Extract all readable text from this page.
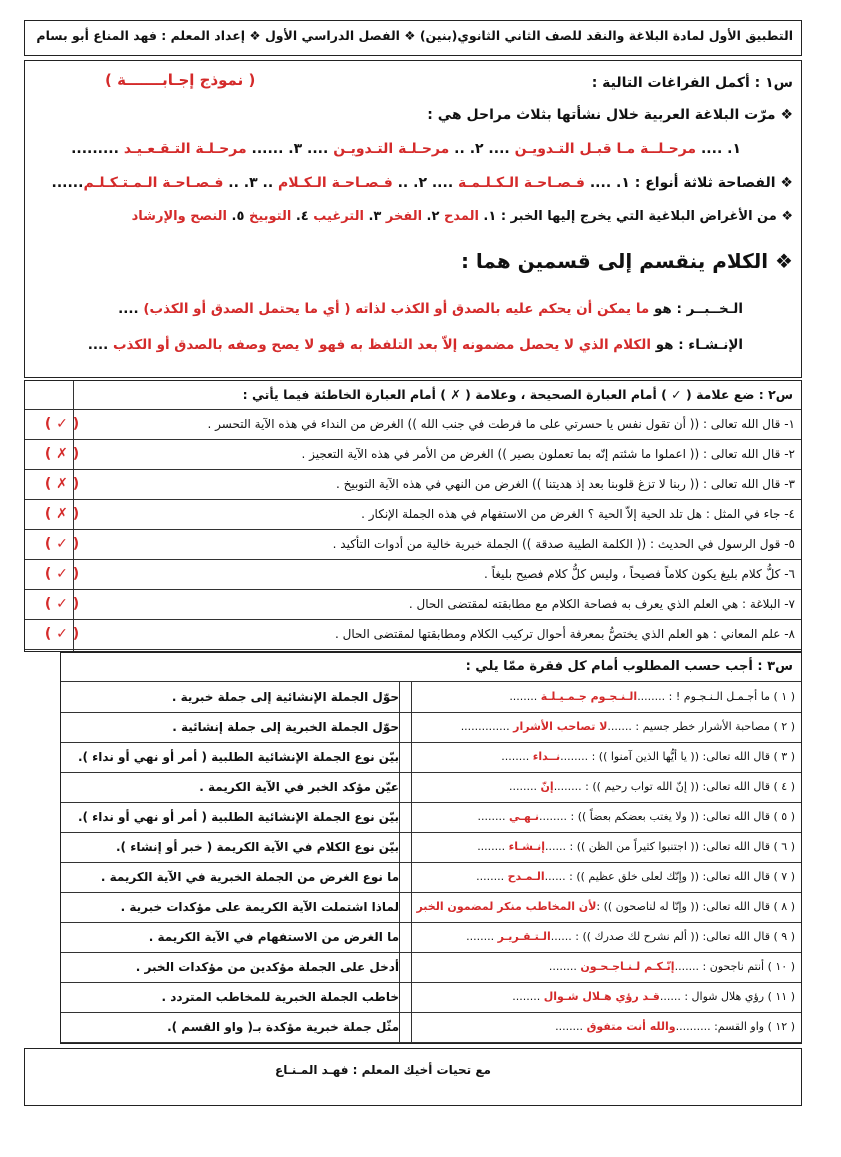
التطبيق الأول لمادة البلاغة والنقد للصف الثاني الثانوي(بنين) ❖ الفصل الدراسي الأول ❖ إعداد المعلم : فهد المناع أبو بسام
س١ : أكمل الفراغات التالية :
( نموذج إجـابـــــــة )
❖ مرّت البلاغة العربية خلال نشأتها بثلاث مراحل هي :
١. .... مرحـلــة مـا قبـل التـدويـن .... ٢. .. مرحـلـة التـدويـن .... ٣. ...... مرحـلـة التـقـعـيـد .........
❖ الفصاحة ثلاثة أنواع : ١. .... فـصـاحـة الـكـلـمـة .... ٢. .. فـصـاحـة الـكـلام .. ٣. .. فـصـاحـة الـمـتـكـلـم......
❖ من الأغراض البلاغية التي يخرج إليها الخبر : ١. المدح ٢. الفخر ٣. الترغيب ٤. التوبيخ ٥. النصح والإرشاد
❖ الكلام ينقسم إلى قسمين هما :
الـخــبــر : هو ما يمكن أن يحكم عليه بالصدق أو الكذب لذاته ( أي ما يحتمل الصدق أو الكذب) ....
الإنـشـاء : هو الكلام الذي لا يحصل مضمونه إلاّ بعد التلفظ به فهو لا يصح وصفه بالصدق أو الكذب ....
س٢ : ضع علامة ( ✓ ) أمام العبارة الصحيحة ، وعلامة ( ✗ ) أمام العبارة الخاطئة فيما يأتي :
١- قال الله تعالى : (( أن تقول نفس يا حسرتي على ما فرطت في جنب الله )) الغرض من النداء في هذه الآية التحسر .
( ✓ )
٢- قال الله تعالى : (( اعملوا ما شئتم إنّه بما تعملون بصير )) الغرض من الأمر في هذه الآية التعجيز .
( ✗ )
٣- قال الله تعالى : (( ربنا لا تزغ قلوبنا بعد إذ هديتنا )) الغرض من النهي في هذه الآية التوبيخ .
( ✗ )
٤- جاء في المثل : هل تلد الحية إلاّ الحية ؟ الغرض من الاستفهام في هذه الجملة الإنكار .
( ✗ )
٥- قول الرسول في الحديث : (( الكلمة الطيبة صدقة )) الجملة خبرية خالية من أدوات التأكيد .
( ✓ )
٦- كلُّ كلام بليغ يكون كلاماً فصيحاً ، وليس كلُّ كلام فصيح بليغاً .
( ✓ )
٧- البلاغة : هي العلم الذي يعرف به فصاحة الكلام مع مطابقته لمقتضى الحال .
( ✓ )
٨- علم المعاني : هو العلم الذي يختصُّ بمعرفة أحوال تركيب الكلام ومطابقتها لمقتضى الحال .
( ✓ )
س٣ : أجب حسب المطلوب أمام كل فقرة ممّا يلي :
( ١ ) ما أجـمـل الـنـجـوم ! : ........الـنـجـوم جـمـيـلـة ........
حوّل الجملة الإنشائية إلى جملة خبرية .
( ٢ ) مصاحبة الأشرار خطر جسيم : .......لا تصاحب الأشرار ..............
حوّل الجملة الخبرية إلى جملة إنشائية .
( ٣ ) قال الله تعالى: (( يا أيُّها الذين آمنوا )) : ........نــداء ........
بيّن نوع الجملة الإنشائية الطلبية ( أمر أو نهي أو نداء ).
( ٤ ) قال الله تعالى: (( إنّ الله تواب رحيم )) : ........إنّ ........
عيّن مؤكد الخبر في الآية الكريمة .
( ٥ ) قال الله تعالى: (( ولا يغتب بعضكم بعضاً )) : ........نـهـي ........
بيّن نوع الجملة الإنشائية الطلبية ( أمر أو نهي أو نداء ).
( ٦ ) قال الله تعالى: (( اجتنبوا كثيراً من الظن )) : ......إنـشـاء ........
بيّن نوع الكلام في الآية الكريمة ( خبر أو إنشاء ).
( ٧ ) قال الله تعالى: (( وإنّك لعلى خلق عظيم )) : ......الـمـدح ........
ما نوع الغرض من الجملة الخبرية في الآية الكريمة .
( ٨ ) قال الله تعالى: (( وإنّا له لناصحون )) :لأن المخاطب منكر لمضمون الخبر
لماذا اشتملت الآية الكريمة على مؤكدات خبرية .
( ٩ ) قال الله تعالى: (( ألم نشرح لك صدرك )) : ......الـتـقـريـر ........
ما الغرض من الاستفهام في الآية الكريمة .
( ١٠ ) أنتم ناجحون : .......إنّـكـم لـنـاجـحـون ........
أدخل على الجملة مؤكدين من مؤكدات الخبر .
( ١١ ) رؤي هلال شوال : ......قـد رؤي هـلال شـوال ........
خاطب الجملة الخبرية للمخاطب المتردد .
( ١٢ ) واو القسم: ..........والله أنت متفوق ........
مثّل جملة خبرية مؤكدة بـ( واو القسم ).
مع تحيات أخيك المعلم : فهـد المـنـاع
